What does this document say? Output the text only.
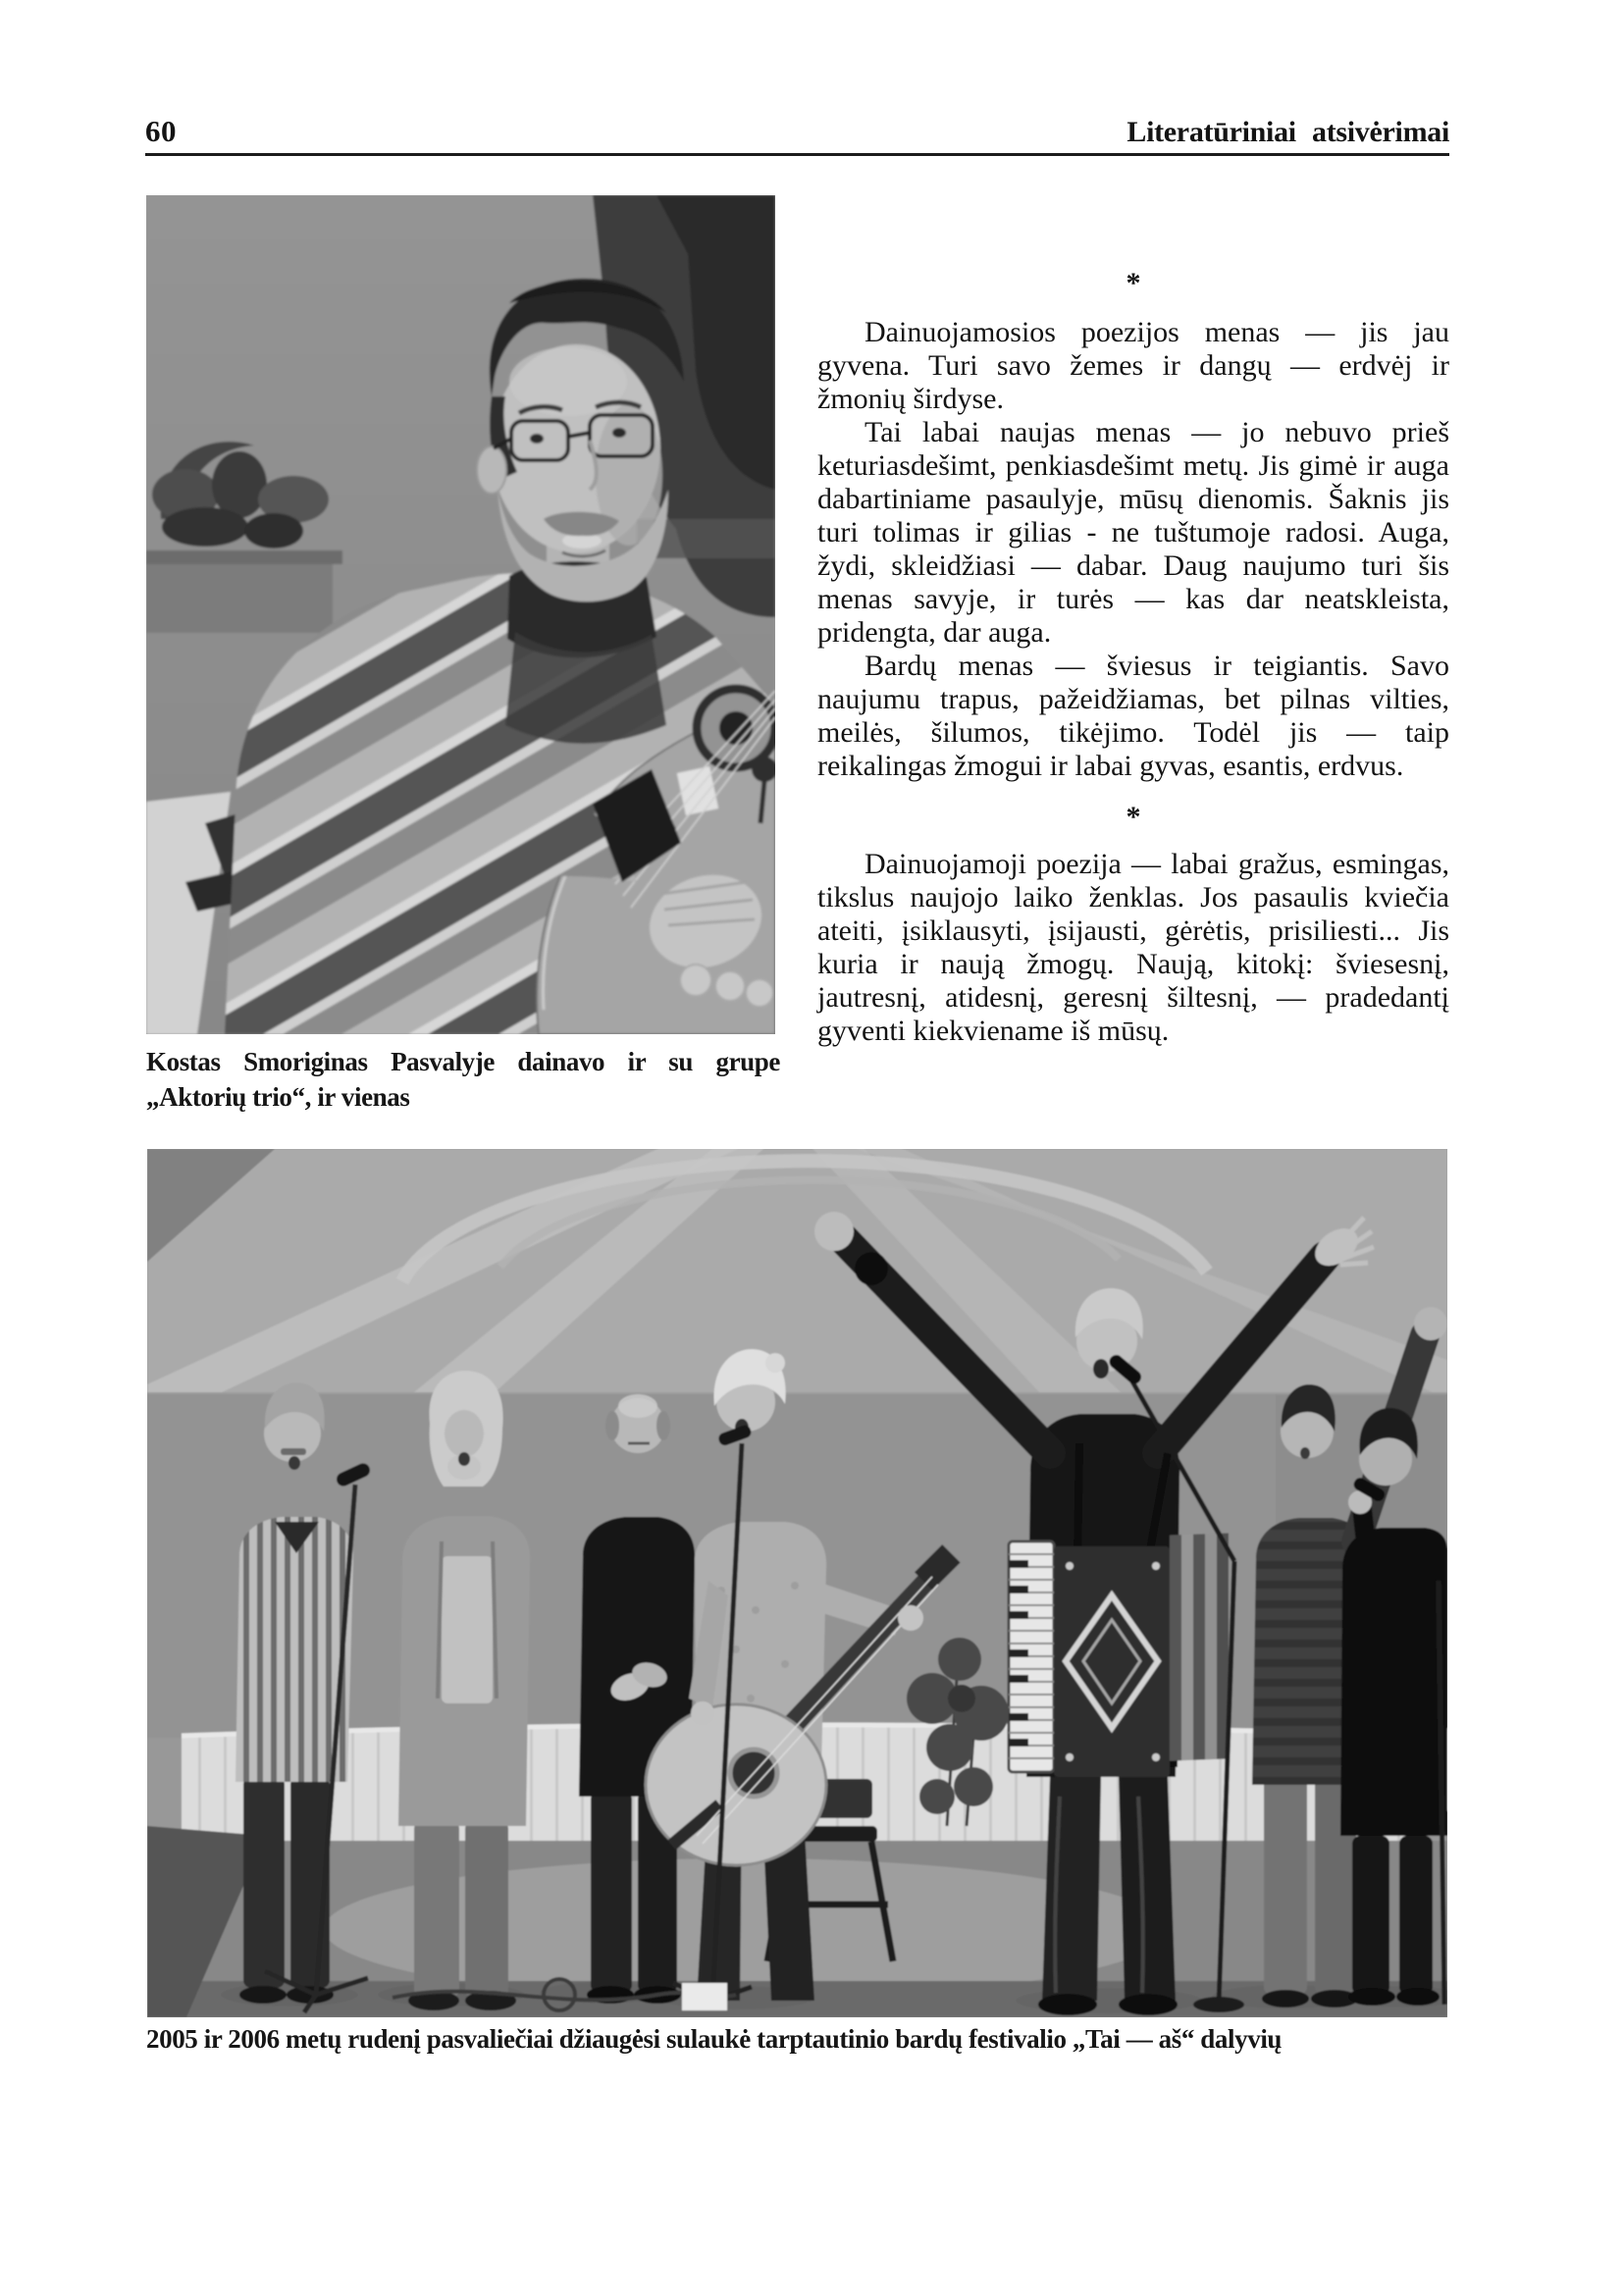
60	Literatūriniai atsivėrimai
Kostas Smoriginas Pasvalyje dainavo ir su grupe „Aktorių trio“, ir vienas
*

Dainuojamosios poezijos menas — jis jau gyvena. Turi savo žemes ir dangų — erdvėj ir žmonių širdyse.

Tai labai naujas menas — jo nebuvo prieš keturiasdešimt, penkiasdešimt metų. Jis gimė ir auga dabartiniame pasaulyje, mūsų dienomis. Šaknis jis turi tolimas ir gilias - ne tuštumoje radosi. Auga, žydi, skleidžiasi — dabar. Daug naujumo turi šis menas savyje, ir turės — kas dar neatskleista, pridengta, dar auga.

Bardų menas — šviesus ir teigiantis. Savo naujumu trapus, pažeidžiamas, bet pilnas vilties, meilės, šilumos, tikėjimo. Todėl jis — taip reikalingas žmogui ir labai gyvas, esantis, erdvus.

*

Dainuojamoji poezija — labai gražus, esmingas, tikslus naujojo laiko ženklas. Jos pasaulis kviečia ateiti, įsiklausyti, įsijausti, gėrėtis, prisiliesti... Jis kuria ir naują žmogų. Naują, kitokį: šviesesnį, jautresnį, atidesnį, geresnį šiltesnį, — pradedantį gyventi kiekviename iš mūsų.

2005 ir 2006 metų rudenį pasvaliečiai džiaugėsi sulaukė tarptautinio bardų festivalio „Tai — aš“ dalyvių
